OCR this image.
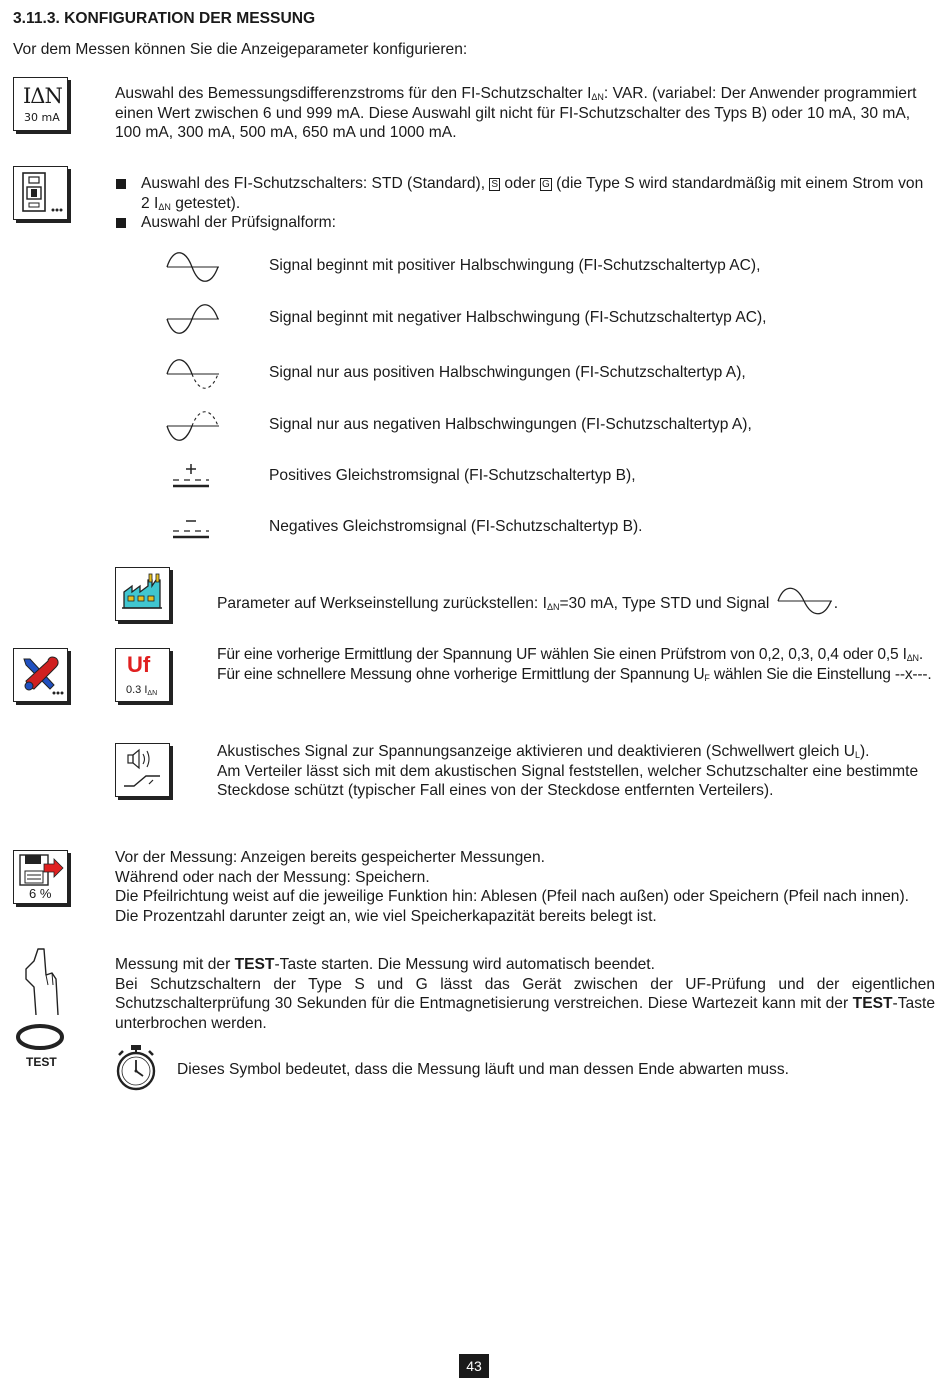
3.11.3. KONFIGURATION DER MESSUNG
Vor dem Messen können Sie die Anzeigeparameter konfigurieren:
IΔN
30 mA
Auswahl des Bemessungsdifferenzstroms für den FI-Schutzschalter $I_{\Delta N}$: VAR. (variabel: Der Anwender programmiert einen Wert zwischen 6 und 999 mA. Diese Auswahl gilt nicht für FI-Schutzschalter des Typs B) oder 10 mA, 30 mA, 100 mA, 300 mA, 500 mA, 650 mA und 1000 mA.
Auswahl des FI-Schutzschalters: STD (Standard), S oder G (die Type S wird standardmäßig mit einem Strom von 2 $I_{\Delta N}$ getestet).
Auswahl der Prüfsignalform:
Signal beginnt mit positiver Halbschwingung (FI-Schutzschaltertyp AC),
Signal beginnt mit negativer Halbschwingung (FI-Schutzschaltertyp AC),
Signal nur aus positiven Halbschwingungen (FI-Schutzschaltertyp A),
Signal nur aus negativen Halbschwingungen (FI-Schutzschaltertyp A),
Positives Gleichstromsignal (FI-Schutzschaltertyp B),
Negatives Gleichstromsignal (FI-Schutzschaltertyp B).
Parameter auf Werkseinstellung zurückstellen: $I_{\Delta N}=30$ mA, Type STD und Signal	.
Uf
0.3 $I_{\Delta N}$
Für eine vorherige Ermittlung der Spannung UF wählen Sie einen Prüfstrom von 0,2, 0,3, 0,4 oder 0,5 $I_{\Delta N}$.
Für eine schnellere Messung ohne vorherige Ermittlung der Spannung $U_F$ wählen Sie die Einstellung --x---.
Akustisches Signal zur Spannungsanzeige aktivieren und deaktivieren (Schwellwert gleich $U_L$).
Am Verteiler lässt sich mit dem akustischen Signal feststellen, welcher Schutzschalter eine bestimmte Steckdose schützt (typischer Fall eines von der Steckdose entfernten Verteilers).
6 %
Vor der Messung: Anzeigen bereits gespeicherter Messungen.
Während oder nach der Messung: Speichern.
Die Pfeilrichtung weist auf die jeweilige Funktion hin: Ablesen (Pfeil nach außen) oder Speichern (Pfeil nach innen).
Die Prozentzahl darunter zeigt an, wie viel Speicherkapazität bereits belegt ist.
TEST
Messung mit der TEST-Taste starten. Die Messung wird automatisch beendet.
Bei Schutzschaltern der Type S und G lässt das Gerät zwischen der UF-Prüfung und der eigentlichen Schutzschalterprüfung 30 Sekunden für die Entmagnetisierung verstreichen. Diese Wartezeit kann mit der TEST-Taste unterbrochen werden.
Dieses Symbol bedeutet, dass die Messung läuft und man dessen Ende abwarten muss.
43
